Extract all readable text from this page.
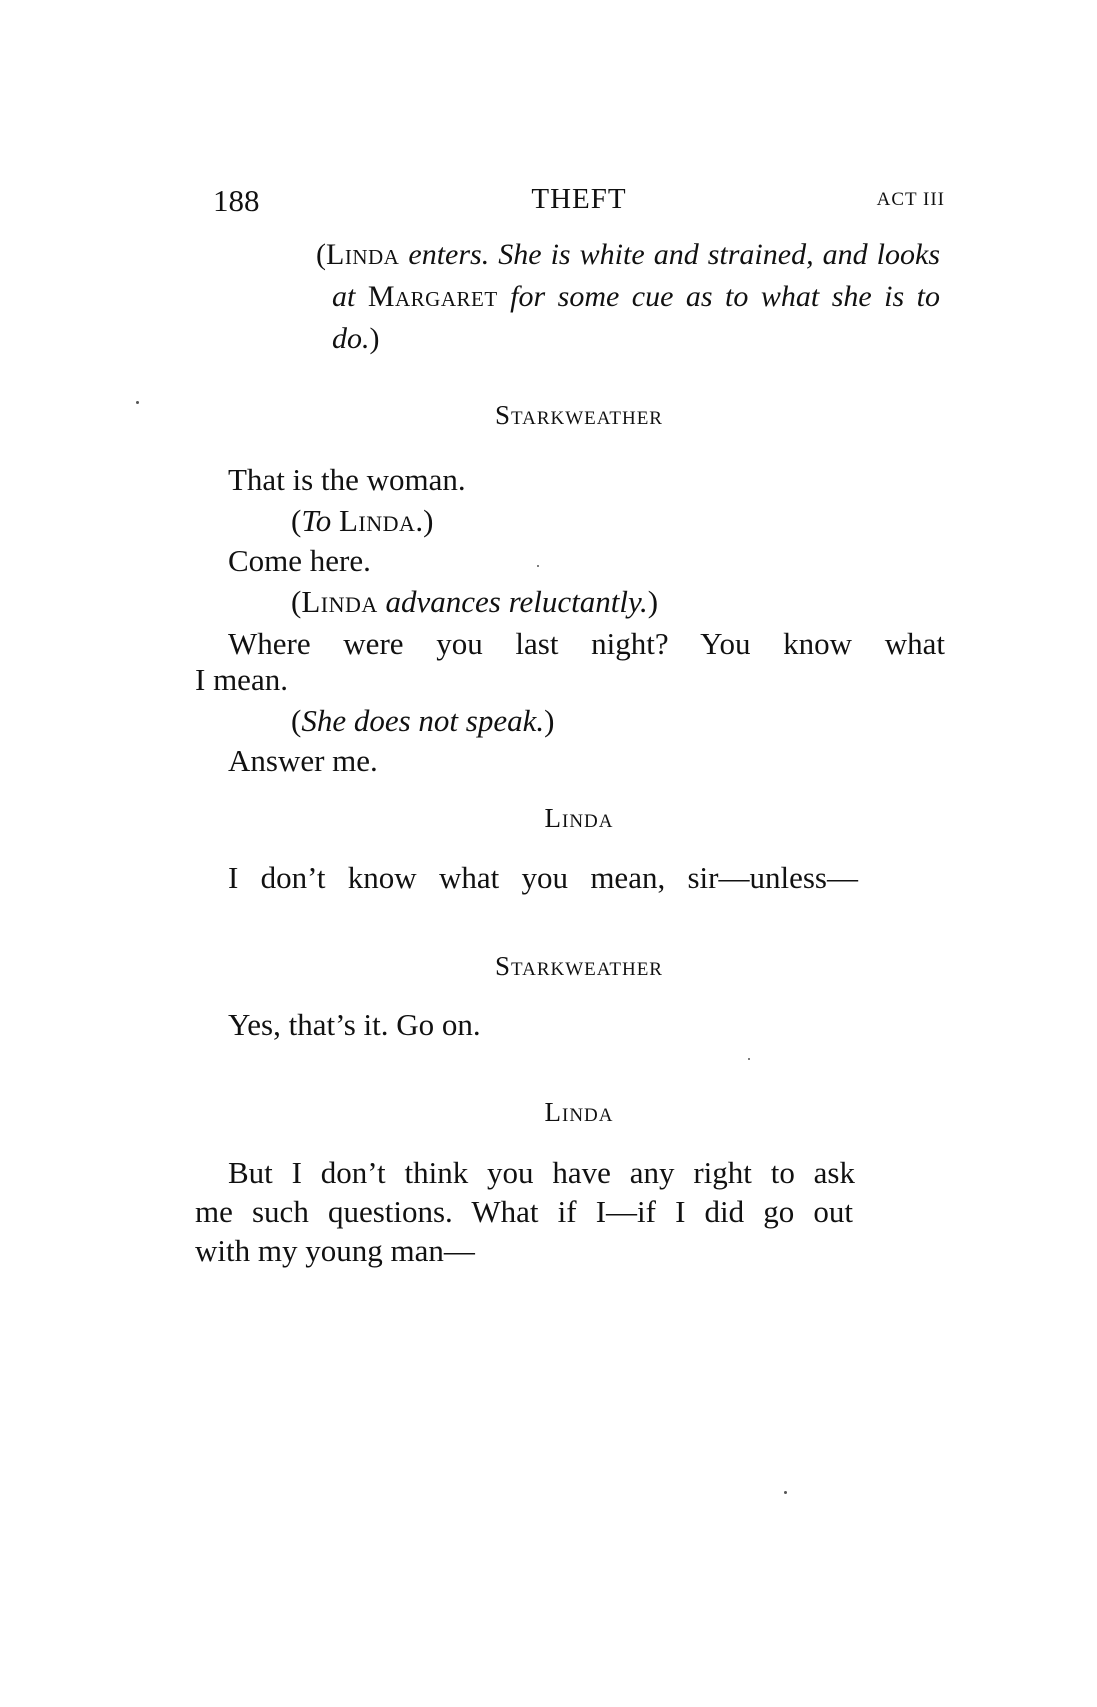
188	THEFT	ACT III
(Linda enters. She is white and strained, and looks at Margaret for some cue as to what she is to do.)
Starkweather
That is the woman.
(To Linda.)
Come here.
(Linda advances reluctantly.)
Where were you last night? You know what
I mean.
(She does not speak.)
Answer me.
Linda
I don’t know what you mean, sir—unless—
Starkweather
Yes, that’s it. Go on.
Linda
But I don’t think you have any right to ask
me such questions. What if I—if I did go out
with my young man—
